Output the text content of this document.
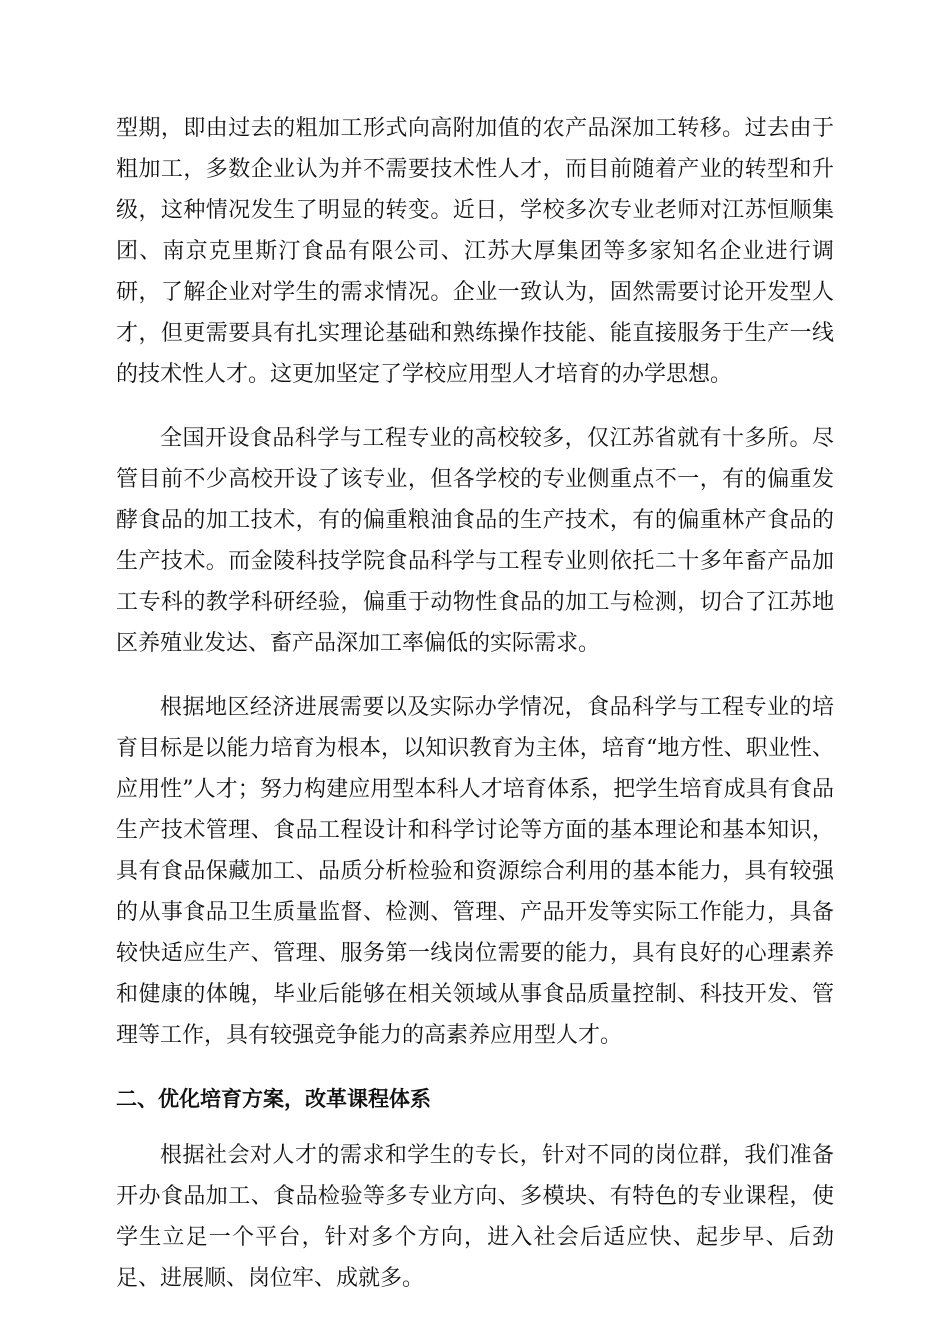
型期，即由过去的粗加工形式向高附加值的农产品深加工转移。过去由于粗加工，多数企业认为并不需要技术性人才，而目前随着产业的转型和升级，这种情况发生了明显的转变。近日，学校多次专业老师对江苏恒顺集团、南京克里斯汀食品有限公司、江苏大厚集团等多家知名企业进行调研，了解企业对学生的需求情况。企业一致认为，固然需要讨论开发型人才，但更需要具有扎实理论基础和熟练操作技能、能直接服务于生产一线的技术性人才。这更加坚定了学校应用型人才培育的办学思想。

全国开设食品科学与工程专业的高校较多，仅江苏省就有十多所。尽管目前不少高校开设了该专业，但各学校的专业侧重点不一，有的偏重发酵食品的加工技术，有的偏重粮油食品的生产技术，有的偏重林产食品的生产技术。而金陵科技学院食品科学与工程专业则依托二十多年畜产品加工专科的教学科研经验，偏重于动物性食品的加工与检测，切合了江苏地区养殖业发达、畜产品深加工率偏低的实际需求。

根据地区经济进展需要以及实际办学情况，食品科学与工程专业的培育目标是以能力培育为根本，以知识教育为主体，培育“地方性、职业性、应用性”人才；努力构建应用型本科人才培育体系，把学生培育成具有食品生产技术管理、食品工程设计和科学讨论等方面的基本理论和基本知识，具有食品保藏加工、品质分析检验和资源综合利用的基本能力，具有较强的从事食品卫生质量监督、检测、管理、产品开发等实际工作能力，具备较快适应生产、管理、服务第一线岗位需要的能力，具有良好的心理素养和健康的体魄，毕业后能够在相关领域从事食品质量控制、科技开发、管理等工作，具有较强竞争能力的高素养应用型人才。

二、优化培育方案，改革课程体系

根据社会对人才的需求和学生的专长，针对不同的岗位群，我们准备开办食品加工、食品检验等多专业方向、多模块、有特色的专业课程，使学生立足一个平台，针对多个方向，进入社会后适应快、起步早、后劲足、进展顺、岗位牢、成就多。
